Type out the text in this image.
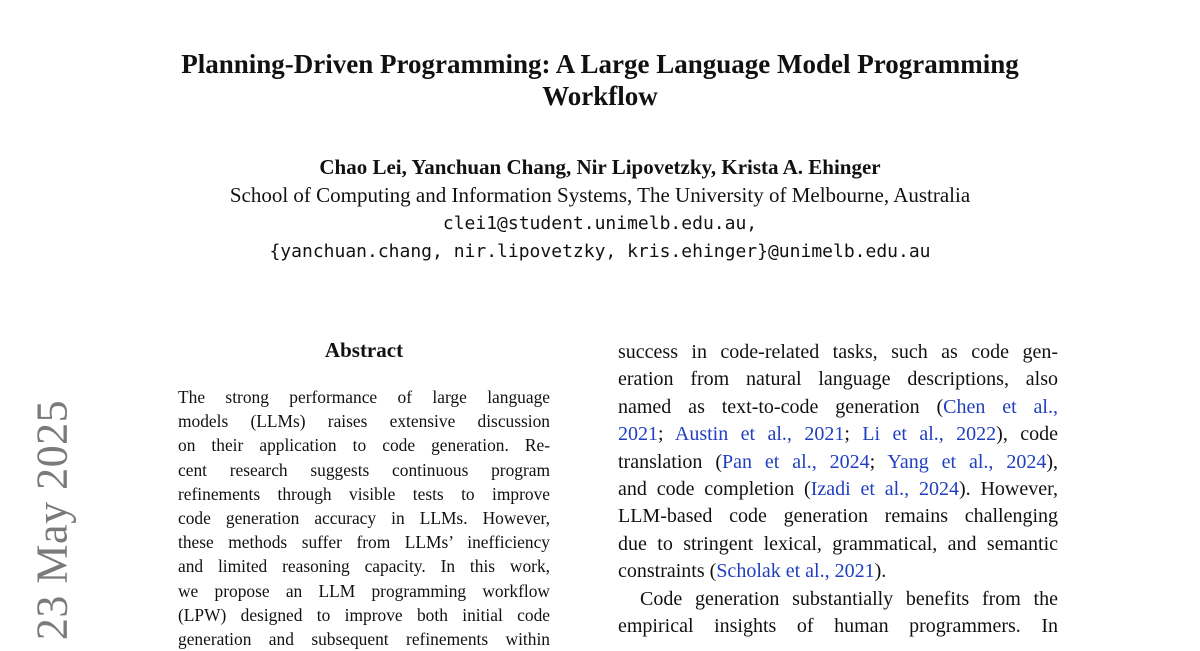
Planning-Driven Programming: A Large Language Model Programming
Workflow
Chao Lei, Yanchuan Chang, Nir Lipovetzky, Krista A. Ehinger
School of Computing and Information Systems, The University of Melbourne, Australia
clei1@student.unimelb.edu.au,
{yanchuan.chang, nir.lipovetzky, kris.ehinger}@unimelb.edu.au
23 May 2025
Abstract
The strong performance of large language
models (LLMs) raises extensive discussion
on their application to code generation. Re-
cent research suggests continuous program
refinements through visible tests to improve
code generation accuracy in LLMs. However,
these methods suffer from LLMs’ inefficiency
and limited reasoning capacity. In this work,
we propose an LLM programming workflow
(LPW) designed to improve both initial code
generation and subsequent refinements within
success in code-related tasks, such as code gen-
eration from natural language descriptions, also
named as text-to-code generation (Chen et al.,
2021; Austin et al., 2021; Li et al., 2022), code
translation (Pan et al., 2024; Yang et al., 2024),
and code completion (Izadi et al., 2024). However,
LLM-based code generation remains challenging
due to stringent lexical, grammatical, and semantic
constraints (Scholak et al., 2021).
Code generation substantially benefits from the
empirical insights of human programmers. In
